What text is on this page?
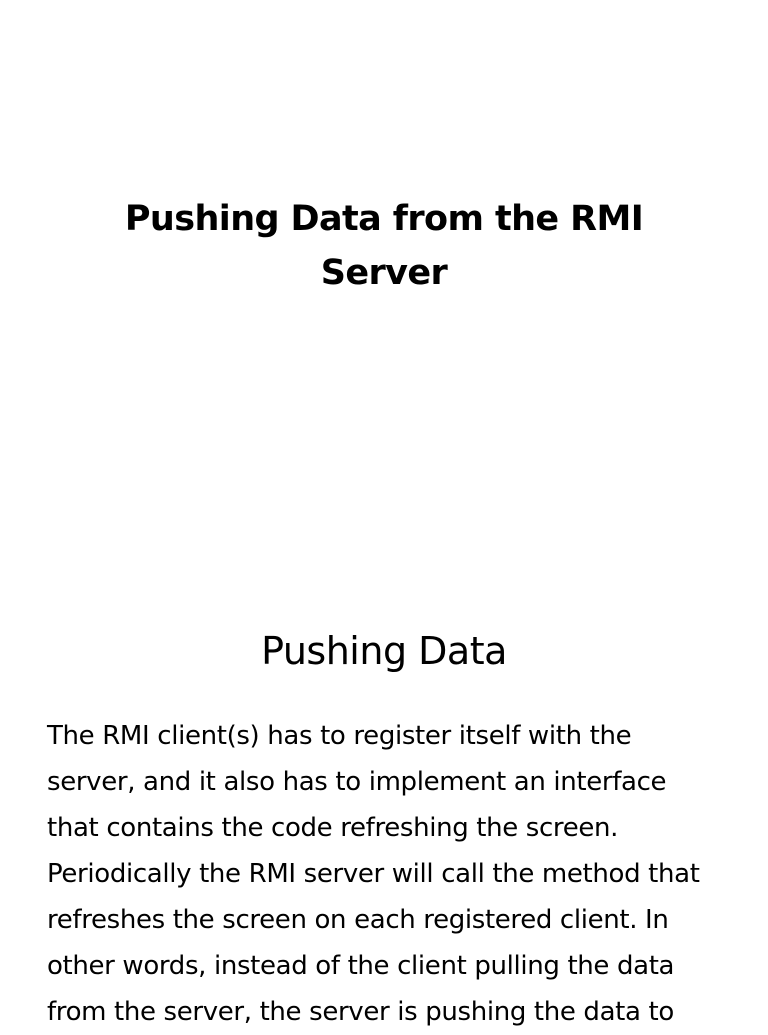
Pushing Data from the RMI
Server
Pushing Data

The RMI client(s) has to register itself with the
server, and it also has to implement an interface
that contains the code refreshing the screen.
Periodically the RMI server will call the method that
refreshes the screen on each registered client. In
other words, instead of the client pulling the data
from the server, the server is pushing the data to
